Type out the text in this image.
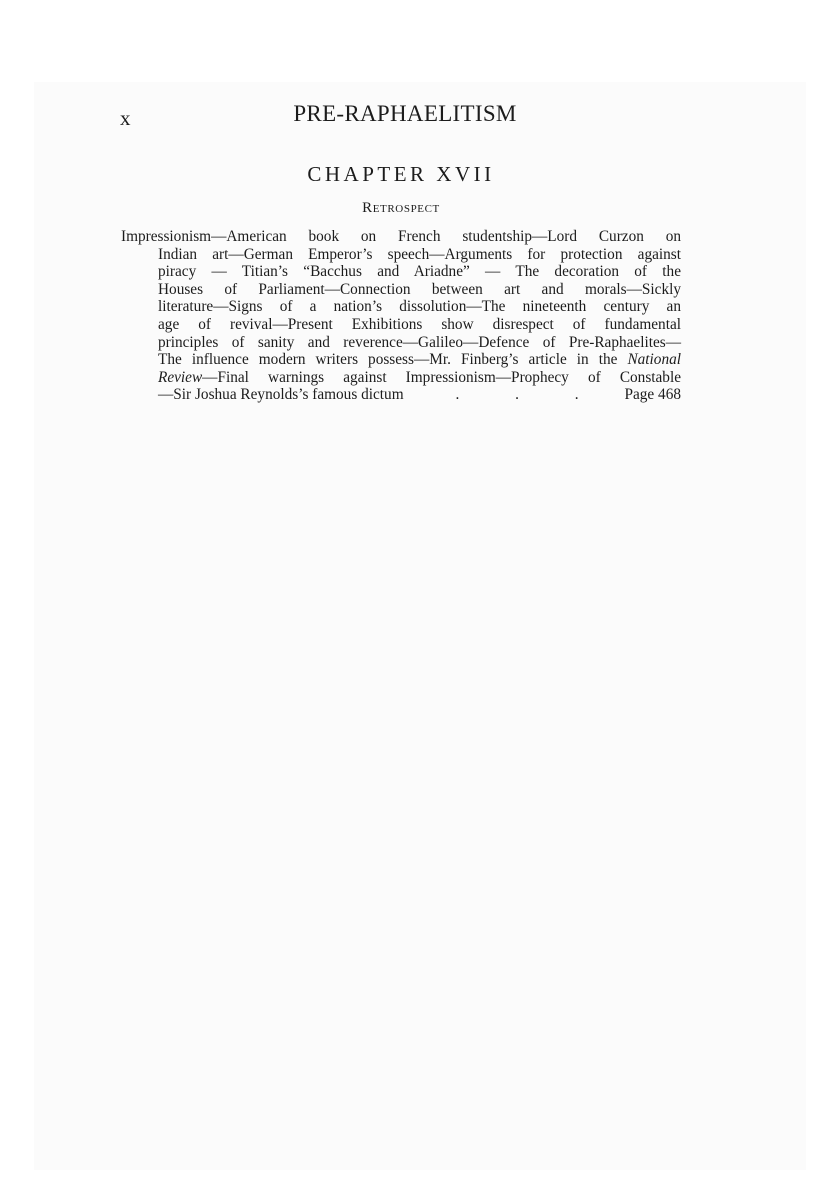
x	PRE-RAPHAELITISM
CHAPTER XVII
Retrospect
Impressionism—American book on French studentship—Lord Curzon on
Indian art—German Emperor’s speech—Arguments for protection against
piracy — Titian’s “Bacchus and Ariadne” — The decoration of the
Houses of Parliament—Connection between art and morals—Sickly
literature—Signs of a nation’s dissolution—The nineteenth century an
age of revival—Present Exhibitions show disrespect of fundamental
principles of sanity and reverence—Galileo—Defence of Pre-Raphaelites—
The influence modern writers possess—Mr. Finberg’s article in the National
Review—Final warnings against Impressionism—Prophecy of Constable
—Sir Joshua Reynolds’s famous dictum	.	.	.	Page 468
